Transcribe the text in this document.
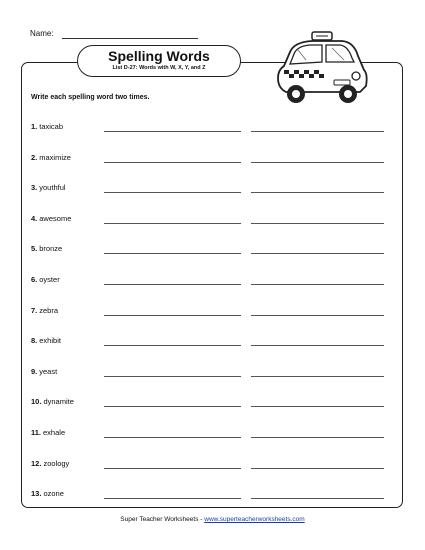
Name:
Spelling Words
List D-27: Words with W, X, Y, and Z
Write each spelling word two times.
1. taxicab
2. maximize
3. youthful
4. awesome
5. bronze
6. oyster
7. zebra
8. exhibit
9. yeast
10. dynamite
11. exhale
12. zoology
13. ozone
Super Teacher Worksheets - www.superteacherworksheets.com
